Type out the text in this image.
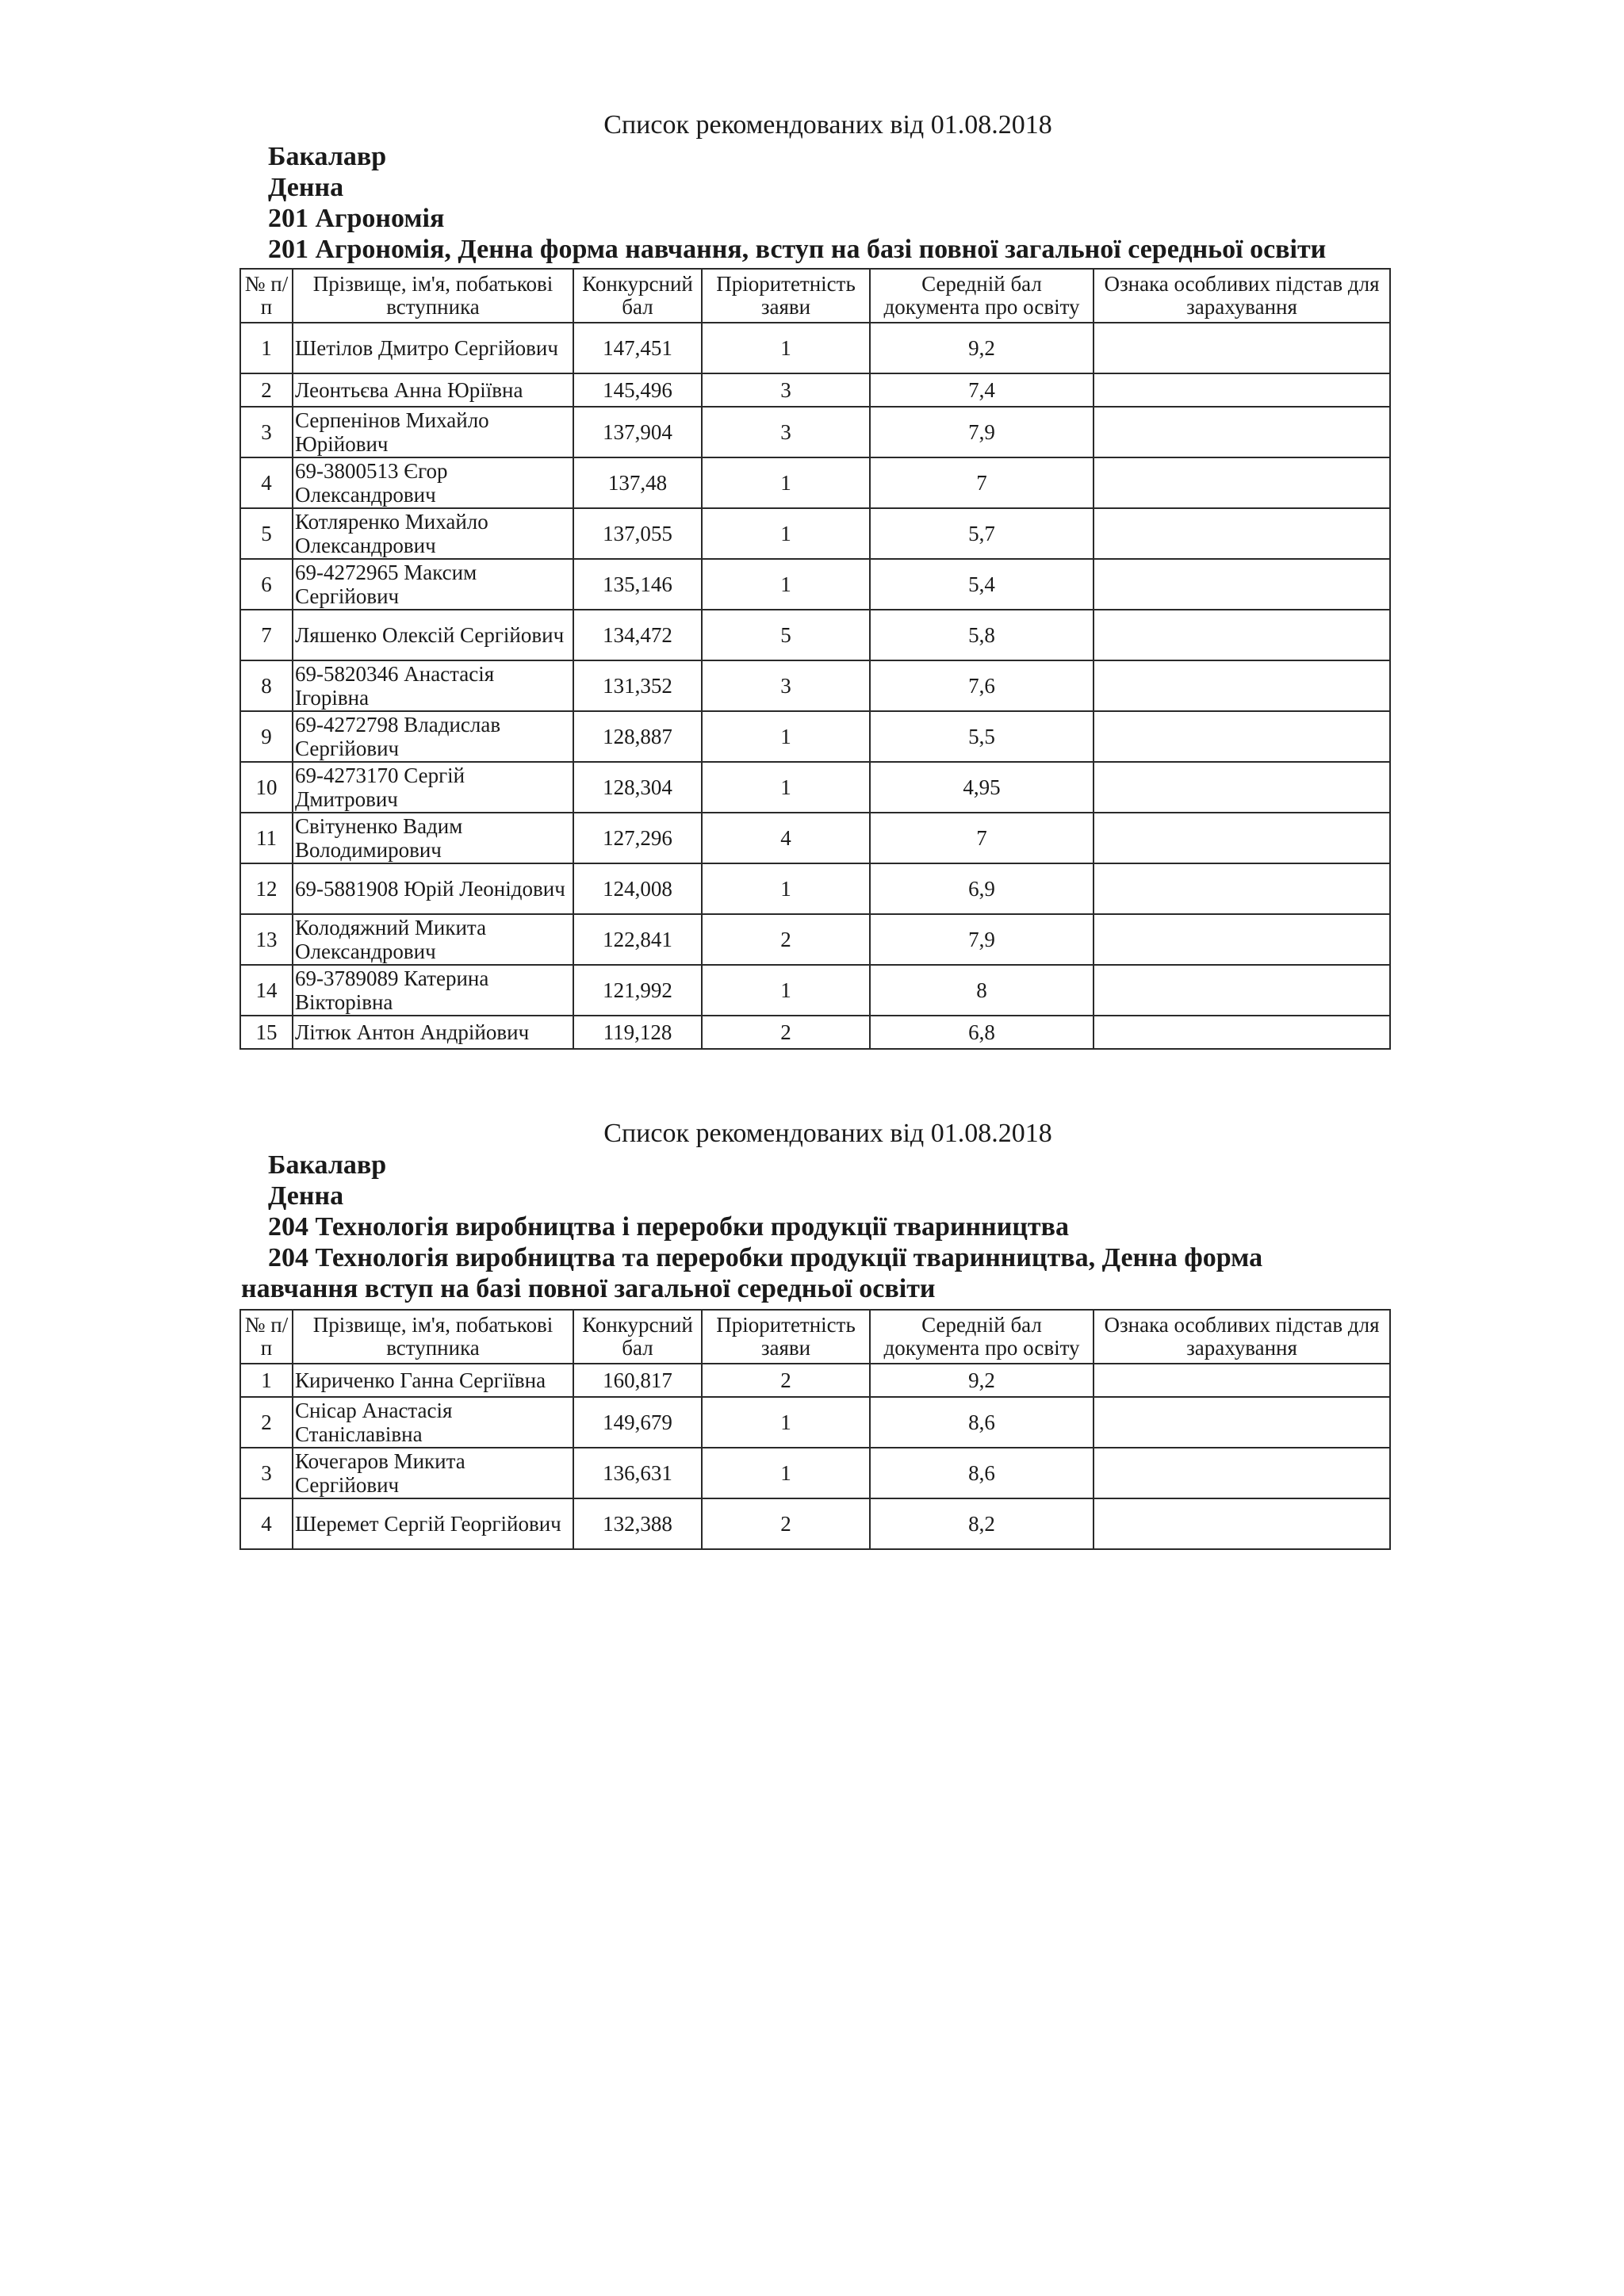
Список рекомендованих від 01.08.2018
Бакалавр
Денна
201 Агрономія
201 Агрономія, Денна форма навчання, вступ на базі повної загальної середньої освіти
№ п/п	Прізвище, ім'я, побатькові вступника	Конкурсний бал	Пріоритетність заяви	Середній бал документа про освіту	Ознака особливих підстав для зарахування
1	Шетілов Дмитро Сергійович	147,451	1	9,2	
2	Леонтьєва Анна Юріївна	145,496	3	7,4	
3	Серпенінов Михайло Юрійович	137,904	3	7,9	
4	69-3800513 Єгор Олександрович	137,48	1	7	
5	Котляренко Михайло Олександрович	137,055	1	5,7	
6	69-4272965 Максим Сергійович	135,146	1	5,4	
7	Ляшенко Олексій Сергійович	134,472	5	5,8	
8	69-5820346 Анастасія Ігорівна	131,352	3	7,6	
9	69-4272798 Владислав Сергійович	128,887	1	5,5	
10	69-4273170 Сергій Дмитрович	128,304	1	4,95	
11	Світуненко Вадим Володимирович	127,296	4	7	
12	69-5881908 Юрій Леонідович	124,008	1	6,9	
13	Колодяжний Микита Олександрович	122,841	2	7,9	
14	69-3789089 Катерина Вікторівна	121,992	1	8	
15	Літюк Антон Андрійович	119,128	2	6,8	
Список рекомендованих від 01.08.2018
Бакалавр
Денна
204 Технологія виробництва і переробки продукції тваринництва
204 Технологія виробництва та переробки продукції тваринництва, Денна форма навчання вступ на базі повної загальної середньої освіти
№ п/п	Прізвище, ім'я, побатькові вступника	Конкурсний бал	Пріоритетність заяви	Середній бал документа про освіту	Ознака особливих підстав для зарахування
1	Кириченко Ганна Сергіївна	160,817	2	9,2	
2	Снісар Анастасія Станіславівна	149,679	1	8,6	
3	Кочегаров Микита Сергійович	136,631	1	8,6	
4	Шеремет Сергій Георгійович	132,388	2	8,2	
